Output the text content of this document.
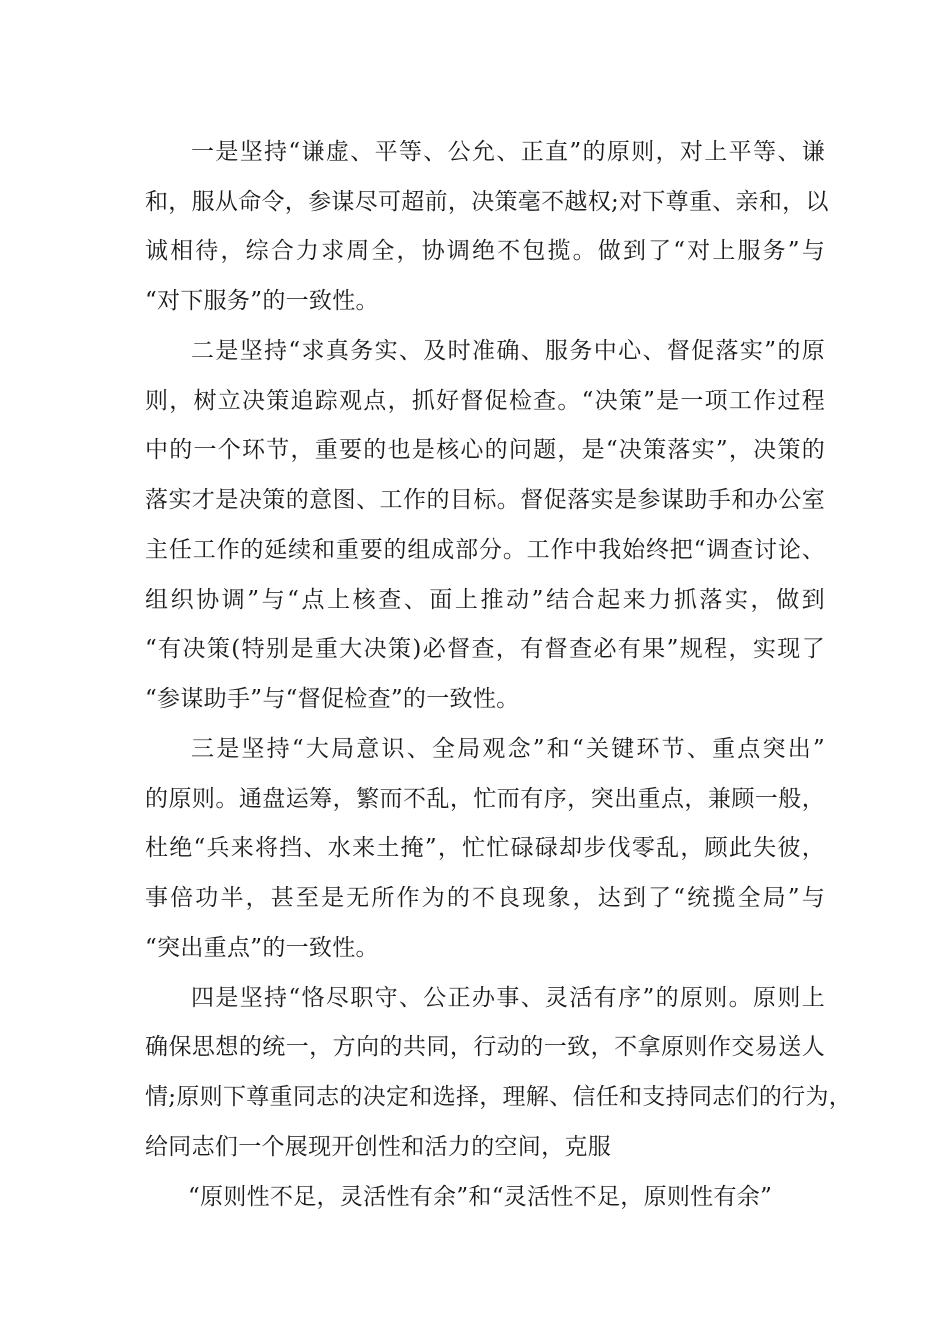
一是坚持“谦虚、平等、公允、正直”的原则，对上平等、谦
和，服从命令，参谋尽可超前，决策毫不越权;对下尊重、亲和，以
诚相待，综合力求周全，协调绝不包揽。做到了“对上服务”与
“对下服务”的一致性。
二是坚持“求真务实、及时准确、服务中心、督促落实”的原
则，树立决策追踪观点，抓好督促检查。“决策”是一项工作过程
中的一个环节，重要的也是核心的问题，是“决策落实”，决策的
落实才是决策的意图、工作的目标。督促落实是参谋助手和办公室
主任工作的延续和重要的组成部分。工作中我始终把“调查讨论、
组织协调”与“点上核查、面上推动”结合起来力抓落实，做到
“有决策(特别是重大决策)必督查，有督查必有果”规程，实现了
“参谋助手”与“督促检查”的一致性。
三是坚持“大局意识、全局观念”和“关键环节、重点突出”
的原则。通盘运筹，繁而不乱，忙而有序，突出重点，兼顾一般，
杜绝“兵来将挡、水来土掩”，忙忙碌碌却步伐零乱，顾此失彼，
事倍功半，甚至是无所作为的不良现象，达到了“统揽全局”与
“突出重点”的一致性。
四是坚持“恪尽职守、公正办事、灵活有序”的原则。原则上
确保思想的统一，方向的共同，行动的一致，不拿原则作交易送人
情;原则下尊重同志的决定和选择，理解、信任和支持同志们的行为，
给同志们一个展现开创性和活力的空间，克服
“原则性不足，灵活性有余”和“灵活性不足，原则性有余”
